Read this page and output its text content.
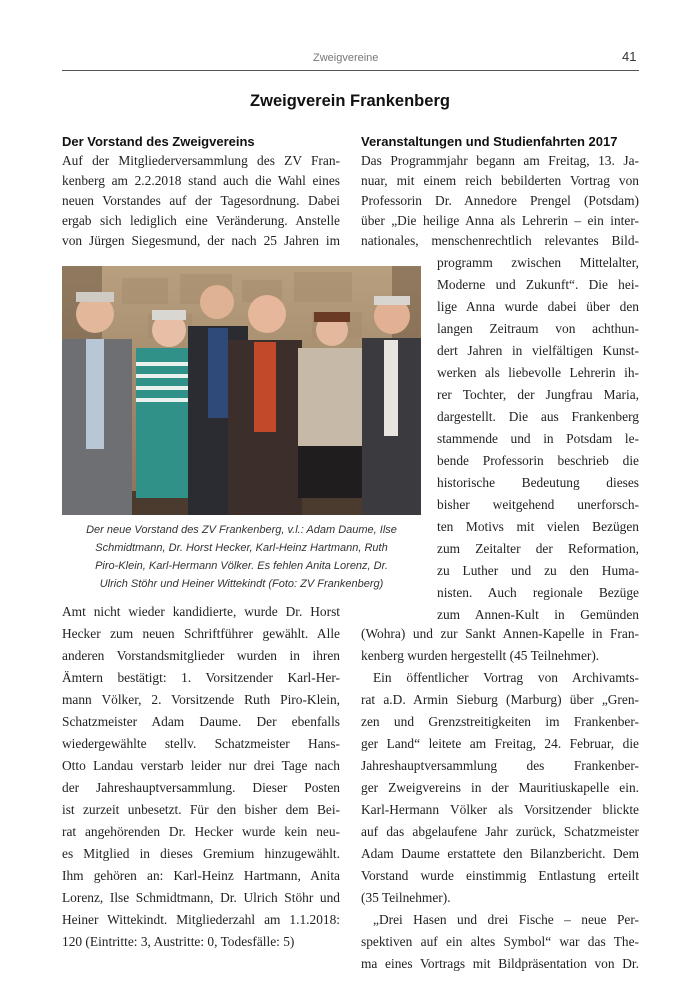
Zweigvereine	41
Zweigverein Frankenberg
Der Vorstand des Zweigvereins
Auf der Mitgliederversammlung des ZV Fran-
kenberg am 2.2.2018 stand auch die Wahl eines
neuen Vorstandes auf der Tagesordnung. Dabei
ergab sich lediglich eine Veränderung. Anstelle
von Jürgen Siegesmund, der nach 25 Jahren im
Der neue Vorstand des ZV Frankenberg, v.l.: Adam Daume, Ilse
Schmidtmann, Dr. Horst Hecker, Karl-Heinz Hartmann, Ruth
Piro-Klein, Karl-Hermann Völker. Es fehlen Anita Lorenz, Dr.
Ulrich Stöhr und Heiner Wittekindt (Foto: ZV Frankenberg)
Amt nicht wieder kandidierte, wurde Dr. Horst
Hecker zum neuen Schriftführer gewählt. Alle
anderen Vorstandsmitglieder wurden in ihren
Ämtern bestätigt: 1. Vorsitzender Karl-Her-
mann Völker, 2. Vorsitzende Ruth Piro-Klein,
Schatzmeister Adam Daume. Der ebenfalls
wiedergewählte stellv. Schatzmeister Hans-
Otto Landau verstarb leider nur drei Tage nach
der Jahreshauptversammlung. Dieser Posten
ist zurzeit unbesetzt. Für den bisher dem Bei-
rat angehörenden Dr. Hecker wurde kein neu-
es Mitglied in dieses Gremium hinzugewählt.
Ihm gehören an: Karl-Heinz Hartmann, Anita
Lorenz, Ilse Schmidtmann, Dr. Ulrich Stöhr und
Heiner Wittekindt. Mitgliederzahl am 1.1.2018:
120 (Eintritte: 3, Austritte: 0, Todesfälle: 5)
Veranstaltungen und Studienfahrten 2017
Das Programmjahr begann am Freitag, 13. Ja-
nuar, mit einem reich bebilderten Vortrag von
Professorin Dr. Annedore Prengel (Potsdam)
über „Die heilige Anna als Lehrerin – ein inter-
nationales, menschenrechtlich relevantes Bild-
programm zwischen Mittelalter,
Moderne und Zukunft“. Die hei-
lige Anna wurde dabei über den
langen Zeitraum von achthun-
dert Jahren in vielfältigen Kunst-
werken als liebevolle Lehrerin ih-
rer Tochter, der Jungfrau Maria,
dargestellt. Die aus Frankenberg
stammende und in Potsdam le-
bende Professorin beschrieb die
historische Bedeutung dieses
bisher weitgehend unerforsch-
ten Motivs mit vielen Bezügen
zum Zeitalter der Reformation,
zu Luther und zu den Huma-
nisten. Auch regionale Bezüge
zum Annen-Kult in Gemünden
(Wohra) und zur Sankt Annen-Kapelle in Fran-
kenberg wurden hergestellt (45 Teilnehmer).
Ein öffentlicher Vortrag von Archivamts-
rat a.D. Armin Sieburg (Marburg) über „Gren-
zen und Grenzstreitigkeiten im Frankenber-
ger Land“ leitete am Freitag, 24. Februar, die
Jahreshauptversammlung des Frankenber-
ger Zweigvereins in der Mauritiuskapelle ein.
Karl-Hermann Völker als Vorsitzender blickte
auf das abgelaufene Jahr zurück, Schatzmeister
Adam Daume erstattete den Bilanzbericht. Dem
Vorstand wurde einstimmig Entlastung erteilt
(35 Teilnehmer).
„Drei Hasen und drei Fische – neue Per-
spektiven auf ein altes Symbol“ war das The-
ma eines Vortrags mit Bildpräsentation von Dr.
